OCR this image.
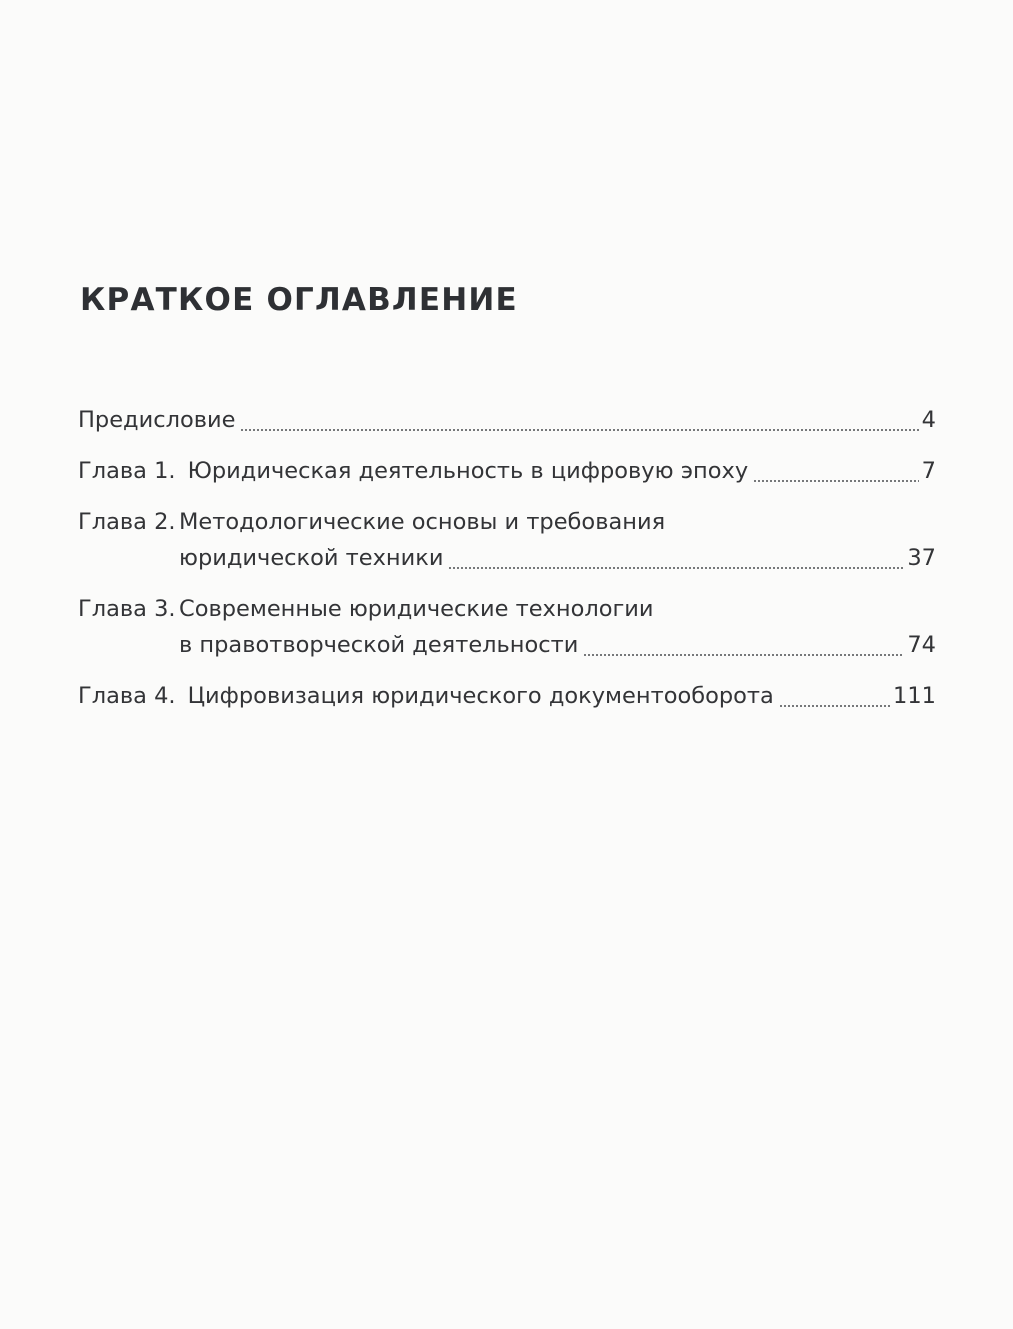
КРАТКОЕ ОГЛАВЛЕНИЕ
Предисловие	4
Глава 1. Юридическая деятельность в цифровую эпоху	7
Глава 2. Методологические основы и требования
юридической техники	37
Глава 3. Современные юридические технологии
в правотворческой деятельности	74
Глава 4. Цифровизация юридического документооборота	111
